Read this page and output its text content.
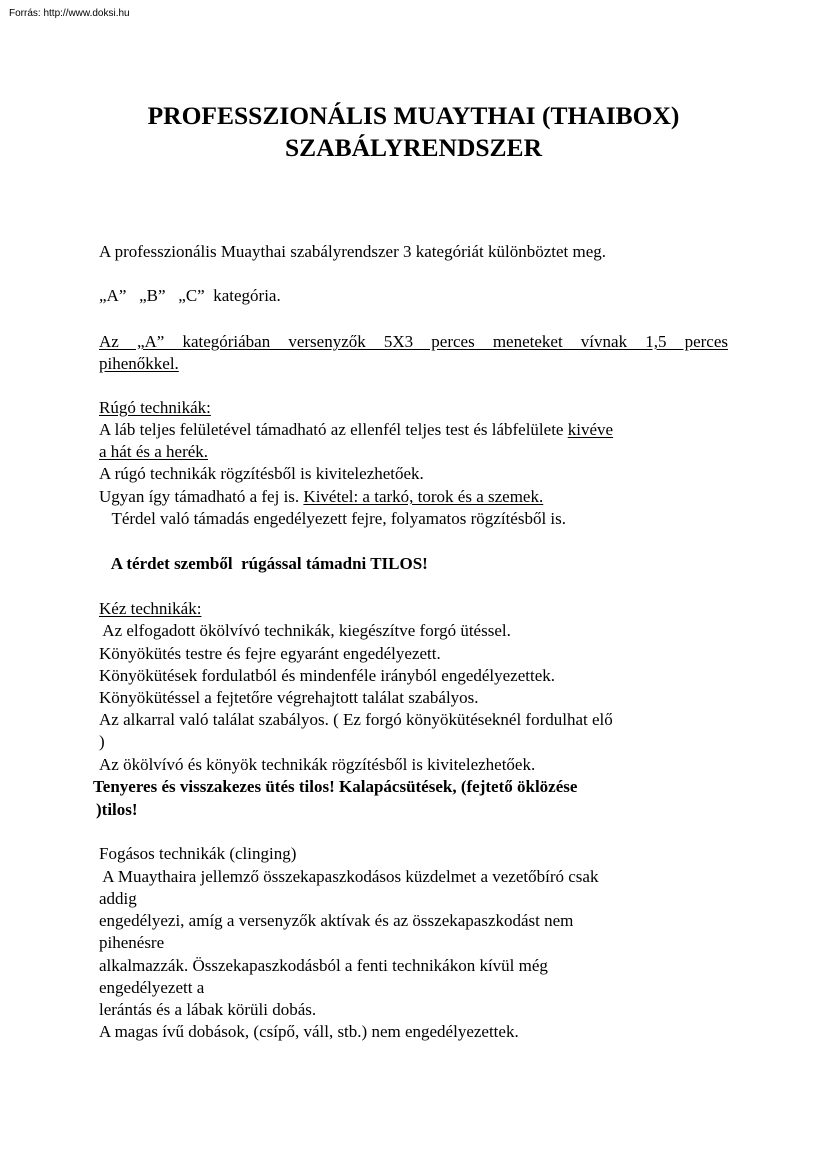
Forrás: http://www.doksi.hu
PROFESSZIONÁLIS MUAYTHAI (THAIBOX)
SZABÁLYRENDSZER
A professzionális Muaythai szabályrendszer 3 kategóriát különböztet meg.
„A”   „B”   „C”  kategória.
Az „A” kategóriában versenyzők 5X3 perces meneteket vívnak 1,5 perces
pihenőkkel.
Rúgó technikák:
A láb teljes felületével támadható az ellenfél teljes test és lábfelülete kivéve
a hát és a herék.
A rúgó technikák rögzítésből is kivitelezhetőek.
Ugyan így támadható a fej is. Kivétel: a tarkó, torok és a szemek.
Térdel való támadás engedélyezett fejre, folyamatos rögzítésből is.
A térdet szemből  rúgással támadni TILOS!
Kéz technikák:
Az elfogadott ökölvívó technikák, kiegészítve forgó ütéssel.
Könyökütés testre és fejre egyaránt engedélyezett.
Könyökütések fordulatból és mindenféle irányból engedélyezettek.
Könyökütéssel a fejtetőre végrehajtott találat szabályos.
Az alkarral való találat szabályos. ( Ez forgó könyökütéseknél fordulhat elő
)
Az ökölvívó és könyök technikák rögzítésből is kivitelezhetőek.
Tenyeres és visszakezes ütés tilos! Kalapácsütések, (fejtető öklözése
)tilos!
Fogásos technikák (clinging)
A Muaythaira jellemző összekapaszkodásos küzdelmet a vezetőbíró csak
addig
engedélyezi, amíg a versenyzők aktívak és az összekapaszkodást nem
pihenésre
alkalmazzák. Összekapaszkodásból a fenti technikákon kívül még
engedélyezett a
lerántás és a lábak körüli dobás.
A magas ívű dobások, (csípő, váll, stb.) nem engedélyezettek.
